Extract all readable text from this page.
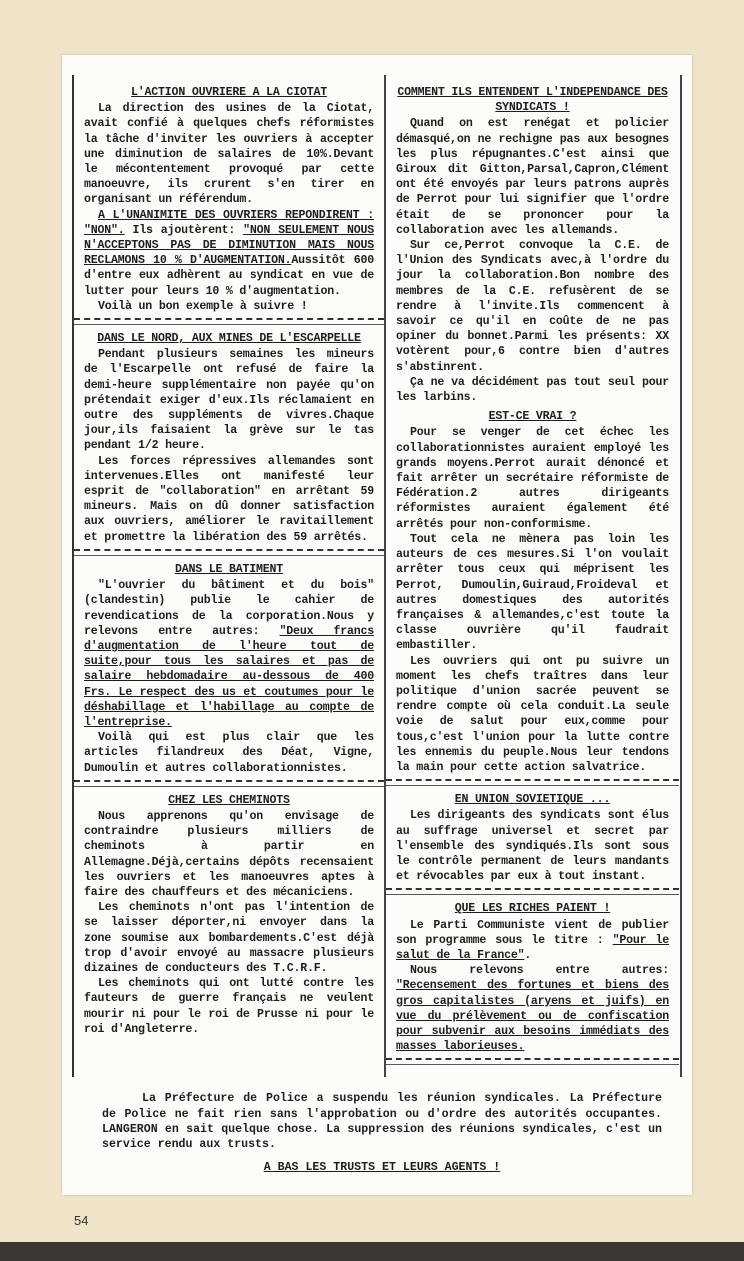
L'ACTION OUVRIERE A LA CIOTAT

La direction des usines de la Ciotat, avait confié à quelques chefs réformistes la tâche d'inviter les ouvriers à accepter une diminution de salaires de 10%.Devant le mécontentement provoqué par cette manoeuvre, ils crurent s'en tirer en organisant un référendum.

A L'UNANIMITE DES OUVRIERS REPONDIRENT : "NON". Ils ajoutèrent: "NON SEULEMENT NOUS N'ACCEPTONS PAS DE DIMINUTION MAIS NOUS RECLAMONS 10 % D'AUGMENTATION.Aussitôt 600 d'entre eux adhèrent au syndicat en vue de lutter pour leurs 10 % d'augmentation.

Voilà un bon exemple à suivre !

DANS LE NORD, AUX MINES DE L'ESCARPELLE

Pendant plusieurs semaines les mineurs de l'Escarpelle ont refusé de faire la demi-heure supplémentaire non payée qu'on prétendait exiger d'eux.Ils réclamaient en outre des suppléments de vivres.Chaque jour,ils faisaient la grève sur le tas pendant 1/2 heure.

Les forces répressives allemandes sont intervenues.Elles ont manifesté leur esprit de "collaboration" en arrêtant 59 mineurs. Mais on dû donner satisfaction aux ouvriers, améliorer le ravitaillement et promettre la libération des 59 arrêtés.

DANS LE BATIMENT

"L'ouvrier du bâtiment et du bois" (clandestin) publie le cahier de revendications de la corporation.Nous y relevons entre autres: "Deux francs d'augmentation de l'heure tout de suite,pour tous les salaires et pas de salaire hebdomadaire au-dessous de 400 Frs. Le respect des us et coutumes pour le déshabillage et l'habillage au compte de l'entreprise.

Voilà qui est plus clair que les articles filandreux des Déat, Vigne, Dumoulin et autres collaborationnistes.

CHEZ LES CHEMINOTS

Nous apprenons qu'on envisage de contraindre plusieurs milliers de cheminots à partir en Allemagne.Déjà,certains dépôts recensaient les ouvriers et les manoeuvres aptes à faire des chauffeurs et des mécaniciens.

Les cheminots n'ont pas l'intention de se laisser déporter,ni envoyer dans la zone soumise aux bombardements.C'est déjà trop d'avoir envoyé au massacre plusieurs dizaines de conducteurs des T.C.R.F.

Les cheminots qui ont lutté contre les fauteurs de guerre français ne veulent mourir ni pour le roi de Prusse ni pour le roi d'Angleterre.

COMMENT ILS ENTENDENT L'INDEPENDANCE DES SYNDICATS !

Quand on est renégat et policier démasqué,on ne rechigne pas aux besognes les plus répugnantes.C'est ainsi que Giroux dit Gitton,Parsal,Capron,Clément ont été envoyés par leurs patrons auprès de Perrot pour lui signifier que l'ordre était de se prononcer pour la collaboration avec les allemands.

Sur ce,Perrot convoque la C.E. de l'Union des Syndicats avec,à l'ordre du jour la collaboration.Bon nombre des membres de la C.E. refusèrent de se rendre à l'invite.Ils commencent à savoir ce qu'il en coûte de ne pas opiner du bonnet.Parmi les présents: XX votèrent pour,6 contre bien d'autres s'abstinrent.

Ça ne va décidément pas tout seul pour les larbins.

EST-CE VRAI ?

Pour se venger de cet échec les collaborationnistes auraient employé les grands moyens.Perrot aurait dénoncé et fait arrêter un secrétaire réformiste de Fédération.2 autres dirigeants réformistes auraient également été arrêtés pour non-conformisme.

Tout cela ne mènera pas loin les auteurs de ces mesures.Si l'on voulait arrêter tous ceux qui méprisent les Perrot, Dumoulin,Guiraud,Froideval et autres domestiques des autorités françaises & allemandes,c'est toute la classe ouvrière qu'il faudrait embastiller.

Les ouvriers qui ont pu suivre un moment les chefs traîtres dans leur politique d'union sacrée peuvent se rendre compte où cela conduit.La seule voie de salut pour eux,comme pour tous,c'est l'union pour la lutte contre les ennemis du peuple.Nous leur tendons la main pour cette action salvatrice.

EN UNION SOVIETIQUE ...

Les dirigeants des syndicats sont élus au suffrage universel et secret par l'ensemble des syndiqués.Ils sont sous le contrôle permanent de leurs mandants et révocables par eux à tout instant.

QUE LES RICHES PAIENT !

Le Parti Communiste vient de publier son programme sous le titre : "Pour le salut de la France".

Nous relevons entre autres: "Recensement des fortunes et biens des gros capitalistes (aryens et juifs) en vue du prélèvement ou de confiscation pour subvenir aux besoins immédiats des masses laborieuses.

La Préfecture de Police a suspendu les réunion syndicales. La Préfecture de Police ne fait rien sans l'approbation ou d'ordre des autorités occupantes. LANGERON en sait quelque chose. La suppression des réunions syndicales, c'est un service rendu aux trusts.

A BAS LES TRUSTS ET LEURS AGENTS !
54
